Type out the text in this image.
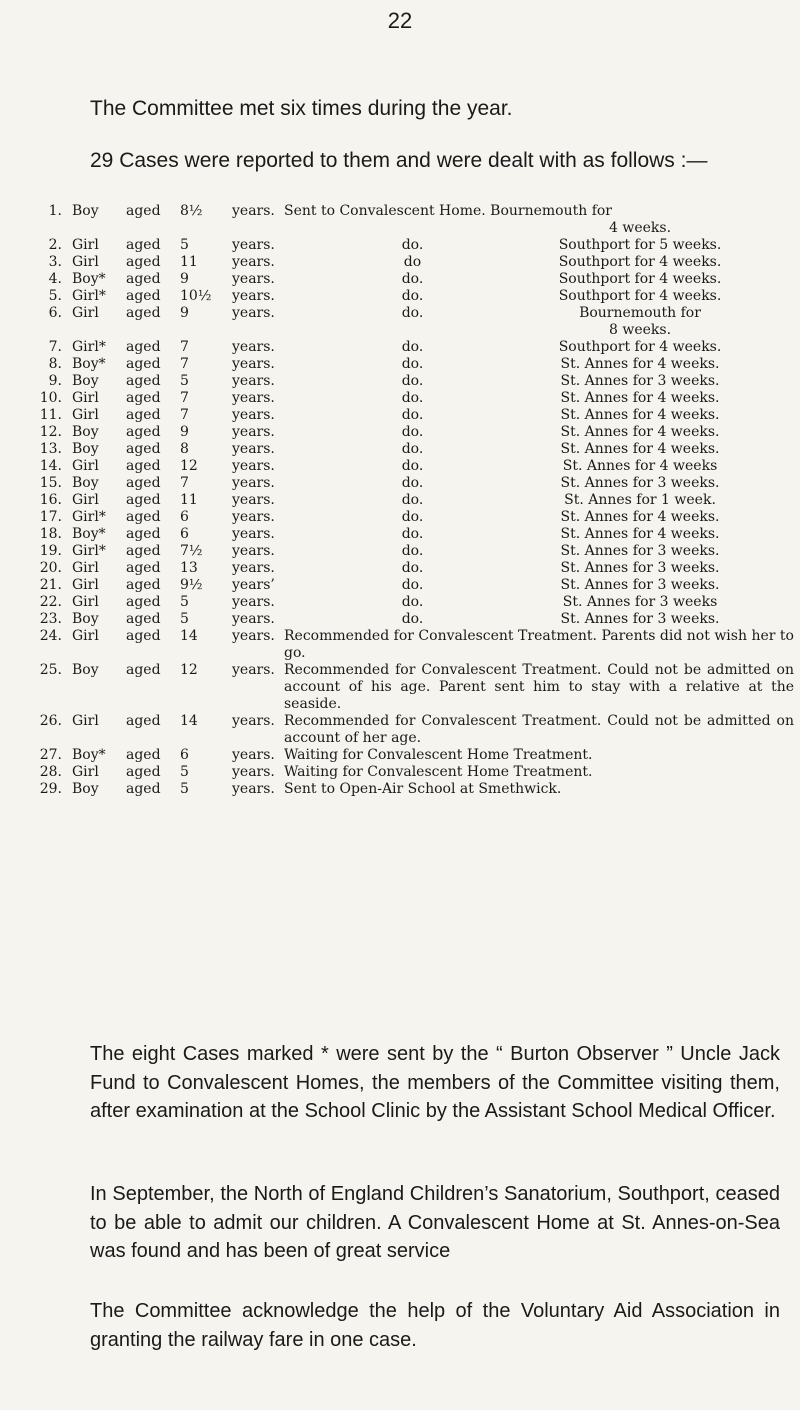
22
The Committee met six times during the year.
29 Cases were reported to them and were dealt with as follows :—
1. Boy aged 8½	years. Sent to Convalescent Home. Bournemouth for
4 weeks.
2. Girl aged 5	years.	do.	Southport for 5 weeks.
3. Girl aged 11	years.	do	Southport for 4 weeks.
4. Boy* aged 9	years.	do.	Southport for 4 weeks.
5. Girl* aged 10½	years.	do.	Southport for 4 weeks.
6. Girl aged 9	years.	do.	Bournemouth for
8 weeks.
7. Girl* aged 7	years.	do.	Southport for 4 weeks.
8. Boy* aged 7	years.	do.	St. Annes for 4 weeks.
9. Boy aged 5	years.	do.	St. Annes for 3 weeks.
10. Girl aged 7	years.	do.	St. Annes for 4 weeks.
11. Girl aged 7	years.	do.	St. Annes for 4 weeks.
12. Boy aged 9	years.	do.	St. Annes for 4 weeks.
13. Boy aged 8	years.	do.	St. Annes for 4 weeks.
14. Girl aged 12	years.	do.	St. Annes for 4 weeks
15. Boy aged 7	years.	do.	St. Annes for 3 weeks.
16. Girl aged 11	years.	do.	St. Annes for 1 week.
17. Girl* aged 6	years.	do.	St. Annes for 4 weeks.
18. Boy* aged 6	years.	do.	St. Annes for 4 weeks.
19. Girl* aged 7½	years.	do.	St. Annes for 3 weeks.
20. Girl aged 13	years.	do.	St. Annes for 3 weeks.
21. Girl aged 9½	years’	do.	St. Annes for 3 weeks.
22. Girl aged 5	years.	do.	St. Annes for 3 weeks
23. Boy aged 5	years.	do.	St. Annes for 3 weeks.
24. Girl aged 14	years. Recommended for Convalescent Treatment. Parents did not wish her to go.
25. Boy aged 12	years. Recommended for Convalescent Treatment. Could not be admitted on account of his age. Parent sent him to stay with a relative at the seaside.
26. Girl aged 14	years. Recommended for Convalescent Treatment. Could not be admitted on account of her age.
27. Boy* aged 6	years. Waiting for Convalescent Home Treatment.
28. Girl aged 5	years. Waiting for Convalescent Home Treatment.
29. Boy aged 5	years. Sent to Open-Air School at Smethwick.
The eight Cases marked * were sent by the “ Burton Observer ” Uncle Jack Fund to Convalescent Homes, the members of the Committee visiting them, after examination at the School Clinic by the Assistant School Medical Officer.
In September, the North of England Children’s Sanatorium, Southport, ceased to be able to admit our children. A Convalescent Home at St. Annes-on-Sea was found and has been of great service
The Committee acknowledge the help of the Voluntary Aid Association in granting the railway fare in one case.
